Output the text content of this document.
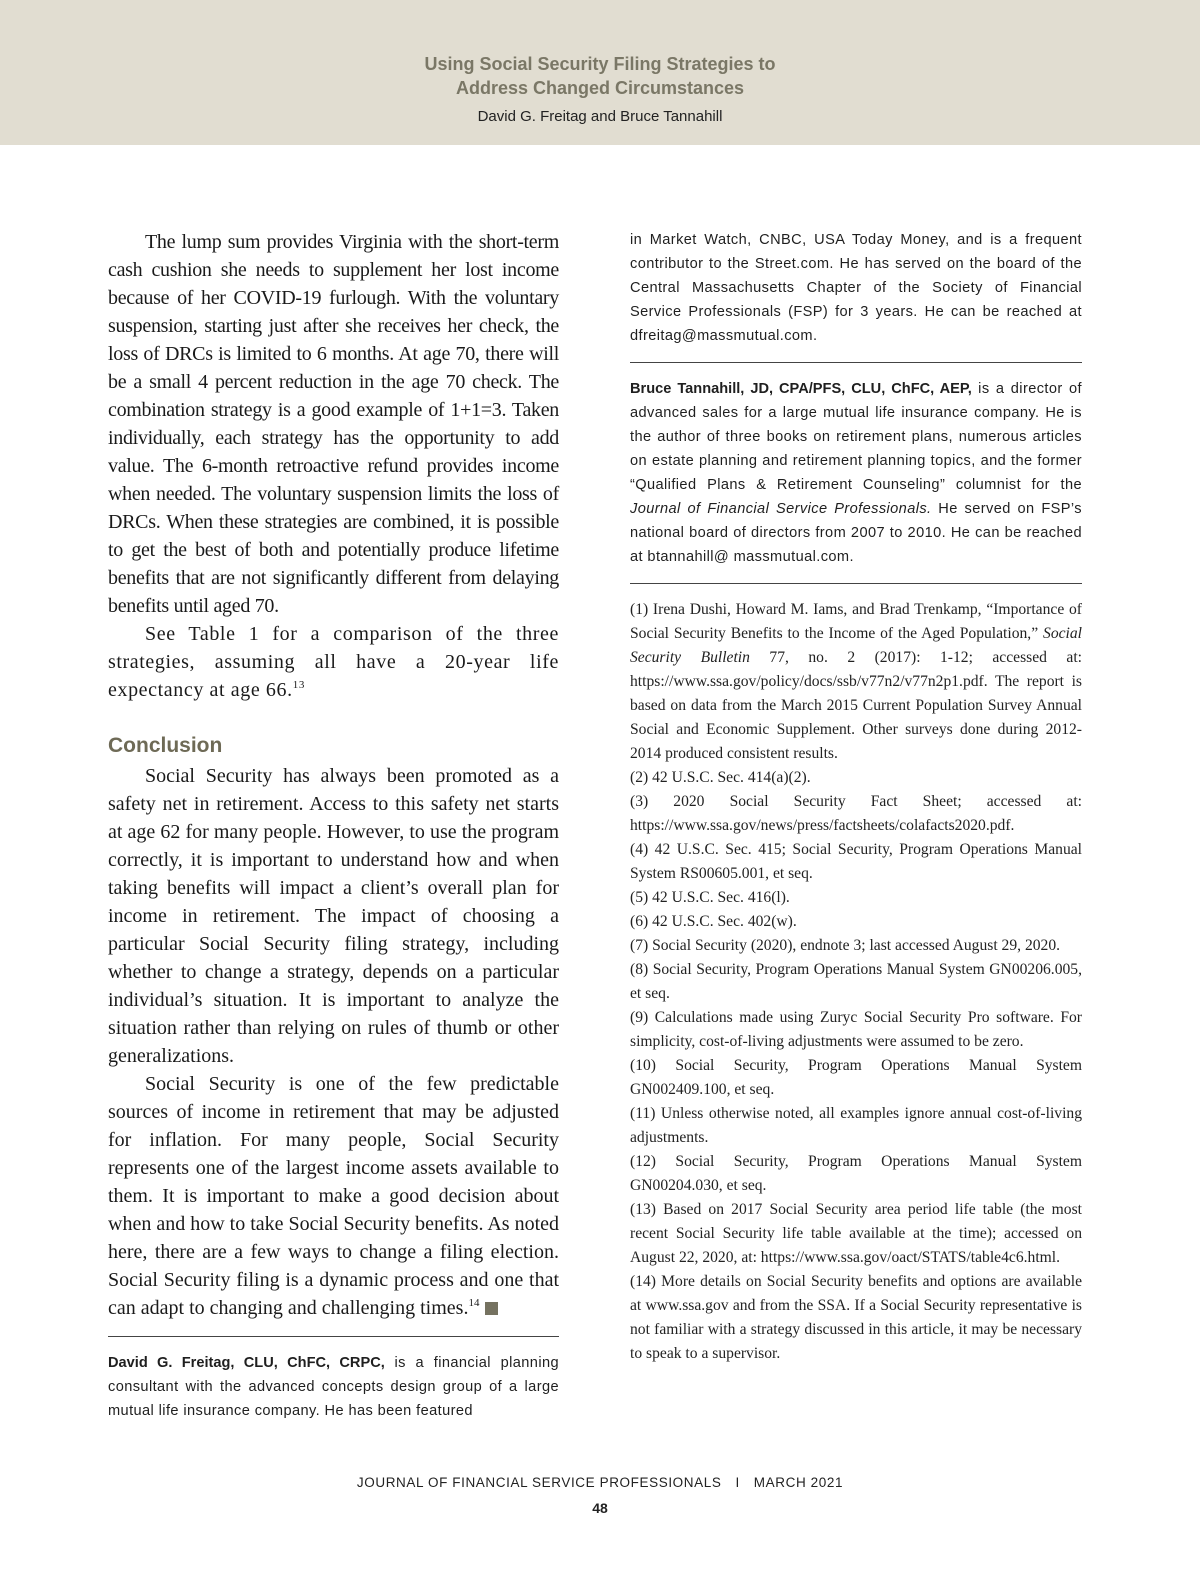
Using Social Security Filing Strategies to
Address Changed Circumstances
David G. Freitag and Bruce Tannahill

The lump sum provides Virginia with the short-term cash cushion she needs to supplement her lost income because of her COVID-19 furlough. With the voluntary suspension, starting just after she receives her check, the loss of DRCs is limited to 6 months. At age 70, there will be a small 4 percent reduction in the age 70 check. The combination strategy is a good example of 1+1=3. Taken individually, each strategy has the opportunity to add value. The 6-month retroactive refund provides income when needed. The voluntary suspension limits the loss of DRCs. When these strategies are combined, it is possible to get the best of both and potentially produce lifetime benefits that are not significantly different from delaying benefits until aged 70.

See Table 1 for a comparison of the three strategies, assuming all have a 20-year life expectancy at age 66.13

Conclusion

Social Security has always been promoted as a safety net in retirement. Access to this safety net starts at age 62 for many people. However, to use the program correctly, it is important to understand how and when taking benefits will impact a client’s overall plan for income in retirement. The impact of choosing a particular Social Security filing strategy, including whether to change a strategy, depends on a particular individual’s situation. It is important to analyze the situation rather than relying on rules of thumb or other generalizations.

Social Security is one of the few predictable sources of income in retirement that may be adjusted for inflation. For many people, Social Security represents one of the largest income assets available to them. It is important to make a good decision about when and how to take Social Security benefits. As noted here, there are a few ways to change a filing election. Social Security filing is a dynamic process and one that can adapt to changing and challenging times.$^{14}$

David G. Freitag, CLU, ChFC, CRPC, is a financial planning consultant with the advanced concepts design group of a large mutual life insurance company. He has been featured

in Market Watch, CNBC, USA Today Money, and is a frequent contributor to the Street.com. He has served on the board of the Central Massachusetts Chapter of the Society of Financial Service Professionals (FSP) for 3 years. He can be reached at dfreitag@massmutual.com.

Bruce Tannahill, JD, CPA/PFS, CLU, ChFC, AEP, is a director of advanced sales for a large mutual life insurance company. He is the author of three books on retirement plans, numerous articles on estate planning and retirement planning topics, and the former “Qualified Plans & Retirement Counseling” columnist for the Journal of Financial Service Professionals. He served on FSP’s national board of directors from 2007 to 2010. He can be reached at btannahill@ massmutual.com.

(1) Irena Dushi, Howard M. Iams, and Brad Trenkamp, “Importance of Social Security Benefits to the Income of the Aged Population,” Social Security Bulletin 77, no. 2 (2017): 1-12; accessed at: https://www.ssa.gov/policy/docs/ssb/v77n2/v77n2p1.pdf. The report is based on data from the March 2015 Current Population Survey Annual Social and Economic Supplement. Other surveys done during 2012-2014 produced consistent results.

(2) 42 U.S.C. Sec. 414(a)(2).

(3) 2020 Social Security Fact Sheet; accessed at: https://www.ssa.gov/news/press/factsheets/colafacts2020.pdf.

(4) 42 U.S.C. Sec. 415; Social Security, Program Operations Manual System RS00605.001, et seq.

(5) 42 U.S.C. Sec. 416(l).

(6) 42 U.S.C. Sec. 402(w).

(7) Social Security (2020), endnote 3; last accessed August 29, 2020.

(8) Social Security, Program Operations Manual System GN00206.005, et seq.

(9) Calculations made using Zuryc Social Security Pro software. For simplicity, cost-of-living adjustments were assumed to be zero.

(10) Social Security, Program Operations Manual System GN002409.100, et seq.

(11) Unless otherwise noted, all examples ignore annual cost-of-living adjustments.

(12) Social Security, Program Operations Manual System GN00204.030, et seq.

(13) Based on 2017 Social Security area period life table (the most recent Social Security life table available at the time); accessed on August 22, 2020, at: https://www.ssa.gov/oact/STATS/table4c6.html.

(14) More details on Social Security benefits and options are available at www.ssa.gov and from the SSA. If a Social Security representative is not familiar with a strategy discussed in this article, it may be necessary to speak to a supervisor.

JOURNAL OF FINANCIAL SERVICE PROFESSIONALS I MARCH 2021
48
